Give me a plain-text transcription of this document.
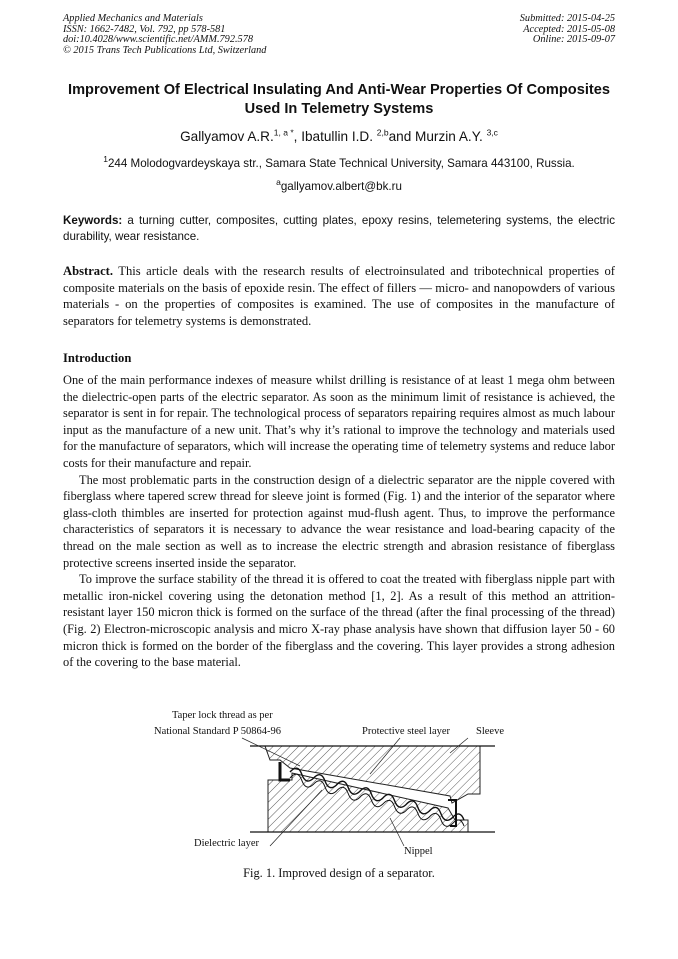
Applied Mechanics and Materials
ISSN: 1662-7482, Vol. 792, pp 578-581
doi:10.4028/www.scientific.net/AMM.792.578
© 2015 Trans Tech Publications Ltd, Switzerland
Submitted: 2015-04-25
Accepted: 2015-05-08
Online: 2015-09-07
Improvement Of Electrical Insulating And Anti-Wear Properties Of Composites Used In Telemetry Systems
Gallyamov A.R.$^{1, a *}$, Ibatullin I.D. $^{2,b}$and Murzin A.Y. $^{3,c}$
$^1$244 Molodogvardeyskaya str., Samara State Technical University, Samara 443100, Russia.
$^a$gallyamov.albert@bk.ru
Keywords: a turning cutter, composites, cutting plates, epoxy resins, telemetering systems, the electric durability, wear resistance.
Abstract. This article deals with the research results of electroinsulated and tribotechnical properties of composite materials on the basis of epoxide resin. The effect of fillers — micro- and nanopowders of various materials - on the properties of composites is examined. The use of composites in the manufacture of separators for telemetry systems is demonstrated.
Introduction

One of the main performance indexes of measure whilst drilling is resistance of at least 1 mega ohm between the dielectric-open parts of the electric separator. As soon as the minimum limit of resistance is achieved, the separator is sent in for repair. The technological process of separators repairing requires almost as much labour input as the manufacture of a new unit. That’s why it’s rational to improve the technology and materials used for the manufacture of separators, which will increase the operating time of telemetry systems and reduce labor costs for their manufacture and repair.

The most problematic parts in the construction design of a dielectric separator are the nipple covered with fiberglass where tapered screw thread for sleeve joint is formed (Fig. 1) and the interior of the separator where glass-cloth thimbles are inserted for protection against mud-flush agent. Thus, to improve the performance characteristics of separators it is necessary to advance the wear resistance and load-bearing capacity of the thread on the male section as well as to increase the electric strength and abrasion resistance of fiberglass protective screens inserted inside the separator.

To improve the surface stability of the thread it is offered to coat the treated with fiberglass nipple part with metallic iron-nickel covering using the detonation method [1, 2]. As a result of this method an attrition-resistant layer 150 micron thick is formed on the surface of the thread (after the final processing of the thread) (Fig. 2) Electron-microscopic analysis and micro X-ray phase analysis have shown that diffusion layer 50 - 60 micron thick is formed on the border of the fiberglass and the covering. This layer provides a strong adhesion of the covering to the base material.

Taper lock thread as per
National Standard P 50864-96	Protective steel layer Sleeve
Dielectric layer
Nippel
Fig. 1. Improved design of a separator.
